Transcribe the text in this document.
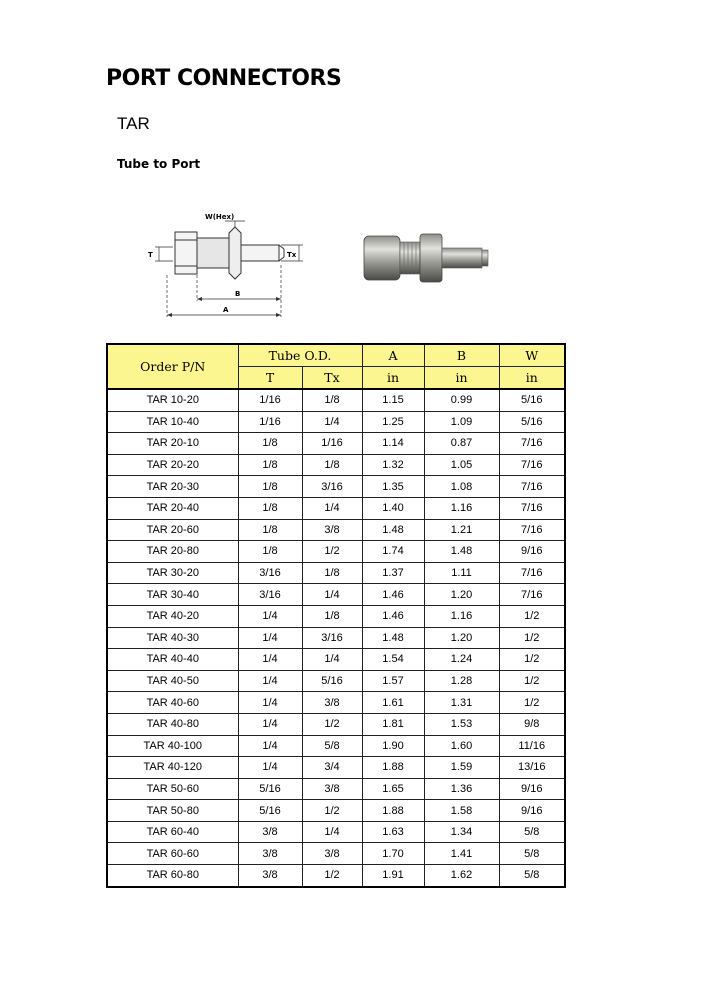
PORT CONNECTORS
TAR
Tube to Port
W(Hex)
T	Tx
B
A
Order P/N	Tube O.D.		A	B	W
	T	Tx	in	in	in
TAR 10-20	1/16	1/8	1.15	0.99	5/16
TAR 10-40	1/16	1/4	1.25	1.09	5/16
TAR 20-10	1/8	1/16	1.14	0.87	7/16
TAR 20-20	1/8	1/8	1.32	1.05	7/16
TAR 20-30	1/8	3/16	1.35	1.08	7/16
TAR 20-40	1/8	1/4	1.40	1.16	7/16
TAR 20-60	1/8	3/8	1.48	1.21	7/16
TAR 20-80	1/8	1/2	1.74	1.48	9/16
TAR 30-20	3/16	1/8	1.37	1.11	7/16
TAR 30-40	3/16	1/4	1.46	1.20	7/16
TAR 40-20	1/4	1/8	1.46	1.16	1/2
TAR 40-30	1/4	3/16	1.48	1.20	1/2
TAR 40-40	1/4	1/4	1.54	1.24	1/2
TAR 40-50	1/4	5/16	1.57	1.28	1/2
TAR 40-60	1/4	3/8	1.61	1.31	1/2
TAR 40-80	1/4	1/2	1.81	1.53	9/8
TAR 40-100	1/4	5/8	1.90	1.60	11/16
TAR 40-120	1/4	3/4	1.88	1.59	13/16
TAR 50-60	5/16	3/8	1.65	1.36	9/16
TAR 50-80	5/16	1/2	1.88	1.58	9/16
TAR 60-40	3/8	1/4	1.63	1.34	5/8
TAR 60-60	3/8	3/8	1.70	1.41	5/8
TAR 60-80	3/8	1/2	1.91	1.62	5/8
